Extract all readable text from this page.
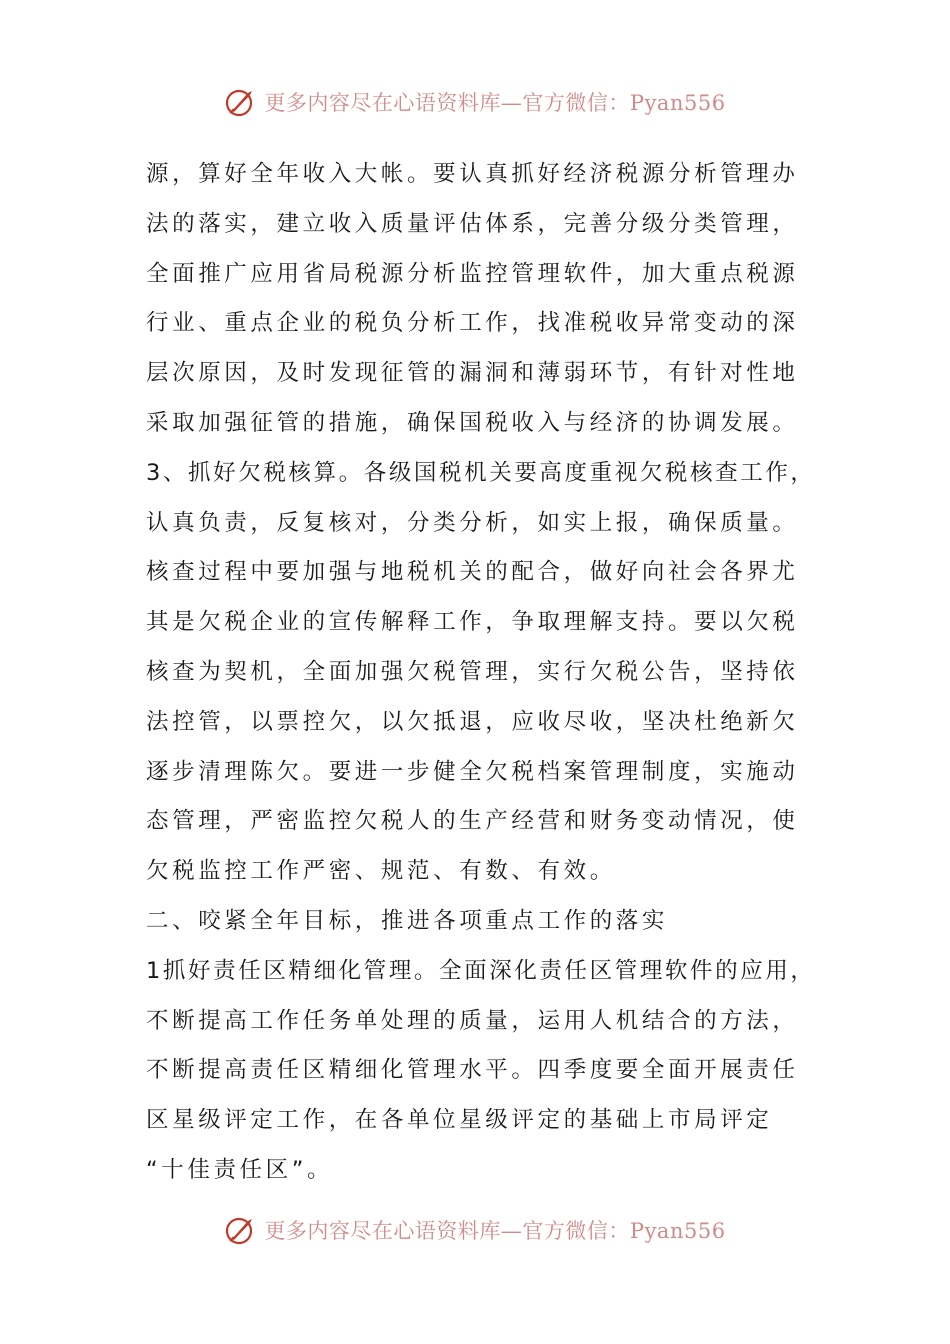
更多内容尽在心语资料库—官方微信：Pyan556
源，算好全年收入大帐。要认真抓好经济税源分析管理办
法的落实，建立收入质量评估体系，完善分级分类管理，
全面推广应用省局税源分析监控管理软件，加大重点税源
行业、重点企业的税负分析工作，找准税收异常变动的深
层次原因，及时发现征管的漏洞和薄弱环节，有针对性地
采取加强征管的措施，确保国税收入与经济的协调发展。
3、抓好欠税核算。各级国税机关要高度重视欠税核查工作，
认真负责，反复核对，分类分析，如实上报，确保质量。
核查过程中要加强与地税机关的配合，做好向社会各界尤
其是欠税企业的宣传解释工作，争取理解支持。要以欠税
核查为契机，全面加强欠税管理，实行欠税公告，坚持依
法控管，以票控欠，以欠抵退，应收尽收，坚决杜绝新欠
逐步清理陈欠。要进一步健全欠税档案管理制度，实施动
态管理，严密监控欠税人的生产经营和财务变动情况，使
欠税监控工作严密、规范、有数、有效。
二、咬紧全年目标，推进各项重点工作的落实
1抓好责任区精细化管理。全面深化责任区管理软件的应用，
不断提高工作任务单处理的质量，运用人机结合的方法，
不断提高责任区精细化管理水平。四季度要全面开展责任
区星级评定工作，在各单位星级评定的基础上市局评定
“十佳责任区”。
更多内容尽在心语资料库—官方微信：Pyan556
